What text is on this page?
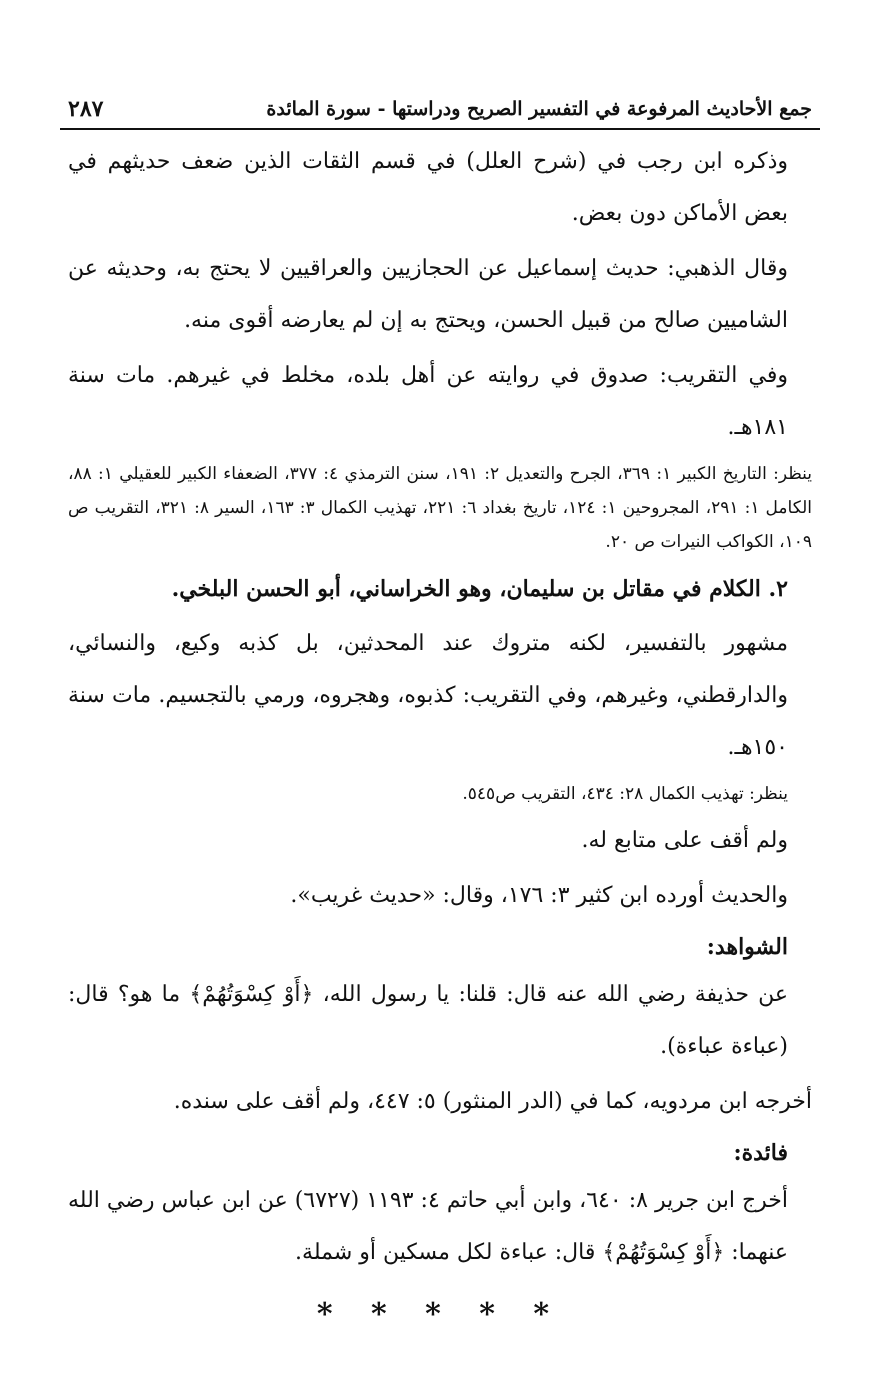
جمع الأحاديث المرفوعة في التفسير الصريح ودراستها - سورة المائدة
٢٨٧

وذكره ابن رجب في (شرح العلل) في قسم الثقات الذين ضعف حديثهم في بعض الأماكن دون بعض.

وقال الذهبي: حديث إسماعيل عن الحجازيين والعراقيين لا يحتج به، وحديثه عن الشاميين صالح من قبيل الحسن، ويحتج به إن لم يعارضه أقوى منه.

وفي التقريب: صدوق في روايته عن أهل بلده، مخلط في غيرهم. مات سنة ١٨١هـ.

ينظر: التاريخ الكبير ١: ٣٦٩، الجرح والتعديل ٢: ١٩١، سنن الترمذي ٤: ٣٧٧، الضعفاء الكبير للعقيلي ١: ٨٨، الكامل ١: ٢٩١، المجروحين ١: ١٢٤، تاريخ بغداد ٦: ٢٢١، تهذيب الكمال ٣: ١٦٣، السير ٨: ٣٢١، التقريب ص ١٠٩، الكواكب النيرات ص ٢٠.

٢. الكلام في مقاتل بن سليمان، وهو الخراساني، أبو الحسن البلخي.

مشهور بالتفسير، لكنه متروك عند المحدثين، بل كذبه وكيع، والنسائي، والدارقطني، وغيرهم، وفي التقريب: كذبوه، وهجروه، ورمي بالتجسيم. مات سنة ١٥٠هـ.

ينظر: تهذيب الكمال ٢٨: ٤٣٤، التقريب ص٥٤٥.

ولم أقف على متابع له.

والحديث أورده ابن كثير ٣: ١٧٦، وقال: «حديث غريب».

الشواهد:

عن حذيفة رضي الله عنه قال: قلنا: يا رسول الله، ﴿أَوْ كِسْوَتُهُمْ﴾ ما هو؟ قال: (عباءة عباءة).

أخرجه ابن مردويه، كما في (الدر المنثور) ٥: ٤٤٧، ولم أقف على سنده.

فائدة:

أخرج ابن جرير ٨: ٦٤٠، وابن أبي حاتم ٤: ١١٩٣ (٦٧٢٧) عن ابن عباس رضي الله عنهما: ﴿أَوْ كِسْوَتُهُمْ﴾ قال: عباءة لكل مسكين أو شملة.

* * * * *
